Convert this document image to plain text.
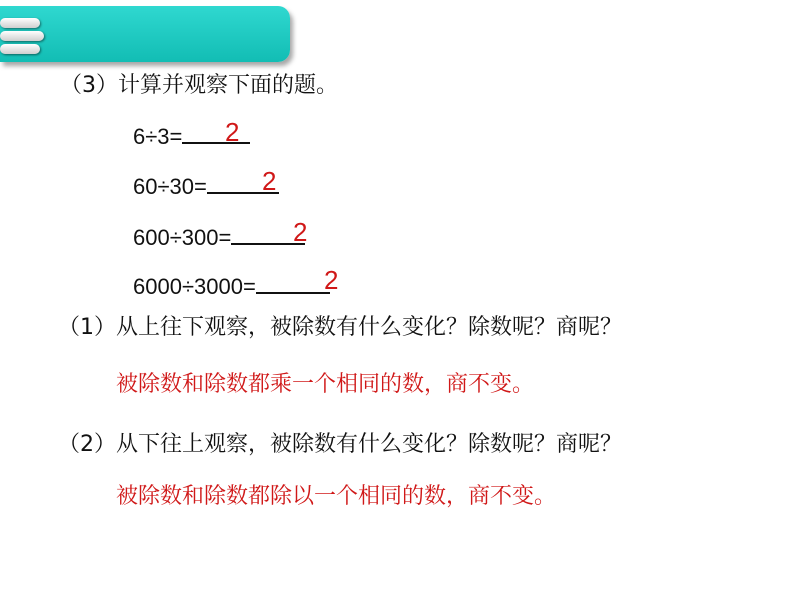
（3）计算并观察下面的题。
6÷3=	2
60÷30=	2
600÷300=	2
6000÷3000=	2
（1）从上往下观察，被除数有什么变化？除数呢？商呢？
被除数和除数都乘一个相同的数，商不变。
（2）从下往上观察，被除数有什么变化？除数呢？商呢？
被除数和除数都除以一个相同的数，商不变。
